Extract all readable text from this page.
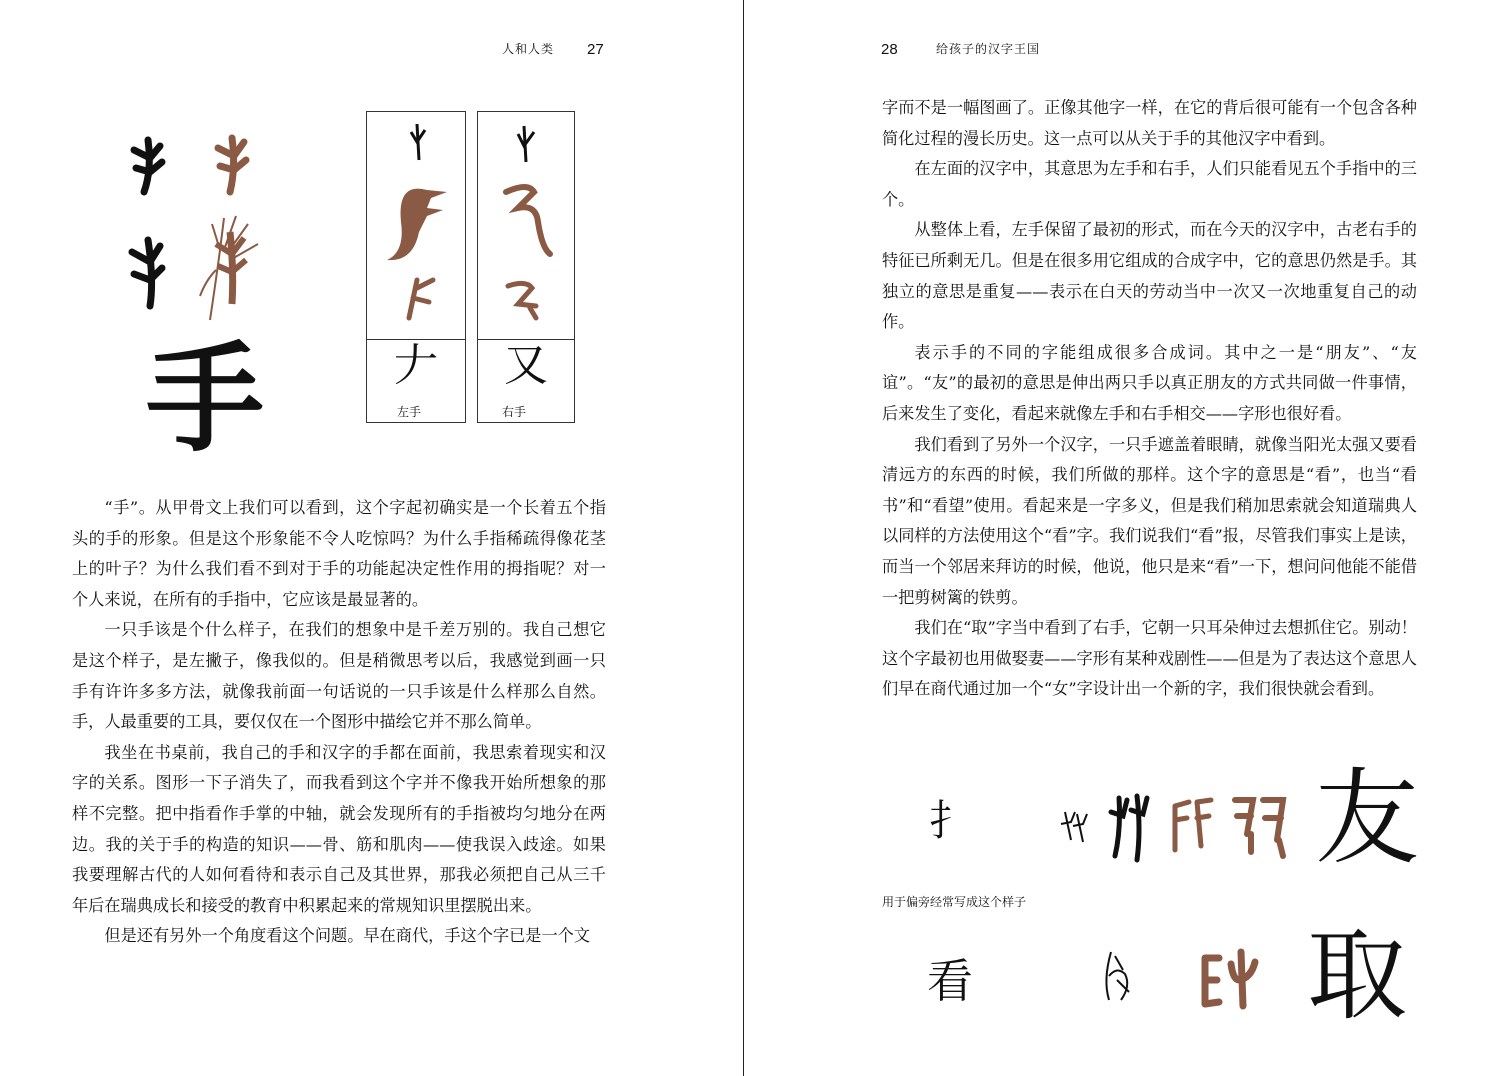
人和人类 27
手	𠂇
左手
又
右手

“手”。从甲骨文上我们可以看到，这个字起初确实是一个长着五个指头的手的形象。但是这个形象能不令人吃惊吗？为什么手指稀疏得像花茎上的叶子？为什么我们看不到对于手的功能起决定性作用的拇指呢？对一个人来说，在所有的手指中，它应该是最显著的。

一只手该是个什么样子，在我们的想象中是千差万别的。我自己想它是这个样子，是左撇子，像我似的。但是稍微思考以后，我感觉到画一只手有许许多多方法，就像我前面一句话说的一只手该是什么样那么自然。手，人最重要的工具，要仅仅在一个图形中描绘它并不那么简单。

我坐在书桌前，我自己的手和汉字的手都在面前，我思索着现实和汉字的关系。图形一下子消失了，而我看到这个字并不像我开始所想象的那样不完整。把中指看作手掌的中轴，就会发现所有的手指被均匀地分在两边。我的关于手的构造的知识——骨、筋和肌肉——使我误入歧途。如果我要理解古代的人如何看待和表示自己及其世界，那我必须把自己从三千年后在瑞典成长和接受的教育中积累起来的常规知识里摆脱出来。

但是还有另外一个角度看这个问题。早在商代，手这个字已是一个文

28	给孩子的汉字王国

字而不是一幅图画了。正像其他字一样，在它的背后很可能有一个包含各种简化过程的漫长历史。这一点可以从关于手的其他汉字中看到。

在左面的汉字中，其意思为左手和右手，人们只能看见五个手指中的三个。

从整体上看，左手保留了最初的形式，而在今天的汉字中，古老右手的特征已所剩无几。但是在很多用它组成的合成字中，它的意思仍然是手。其独立的意思是重复——表示在白天的劳动当中一次又一次地重复自己的动作。

表示手的不同的字能组成很多合成词。其中之一是“朋友”、“友谊”。“友”的最初的意思是伸出两只手以真正朋友的方式共同做一件事情，后来发生了变化，看起来就像左手和右手相交——字形也很好看。

我们看到了另外一个汉字，一只手遮盖着眼睛，就像当阳光太强又要看清远方的东西的时候，我们所做的那样。这个字的意思是“看”，也当“看书”和“看望”使用。看起来是一字多义，但是我们稍加思索就会知道瑞典人以同样的方法使用这个“看”字。我们说我们“看”报，尽管我们事实上是读，而当一个邻居来拜访的时候，他说，他只是来“看”一下，想问问他能不能借一把剪树篱的铁剪。

我们在“取”字当中看到了右手，它朝一只耳朵伸过去想抓住它。别动！这个字最初也用做娶妻——字形有某种戏剧性——但是为了表达这个意思人们早在商代通过加一个“女”字设计出一个新的字，我们很快就会看到。

扌	友
用于偏旁经常写成这个样子
看	取
